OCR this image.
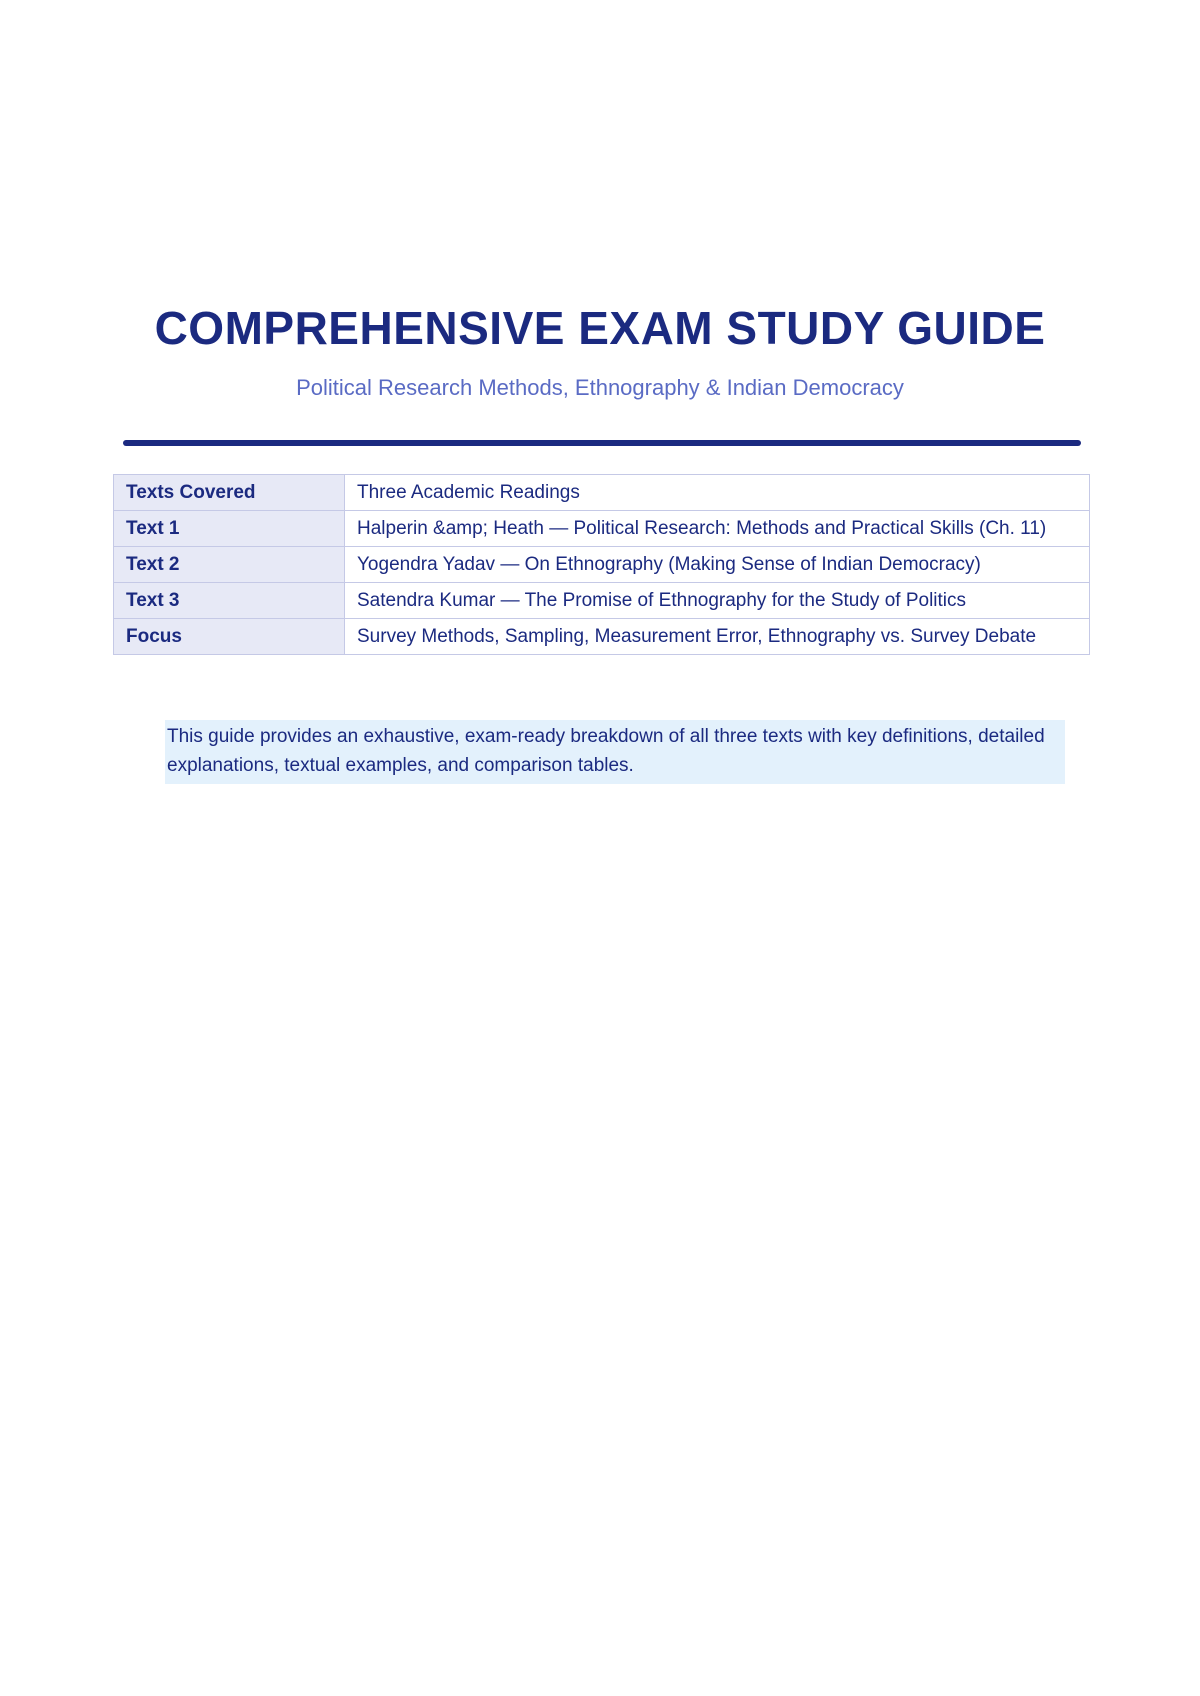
COMPREHENSIVE EXAM STUDY GUIDE
Political Research Methods, Ethnography & Indian Democracy
Texts Covered	Three Academic Readings
Text 1	Halperin &amp; Heath — Political Research: Methods and Practical Skills (Ch. 11)
Text 2	Yogendra Yadav — On Ethnography (Making Sense of Indian Democracy)
Text 3	Satendra Kumar — The Promise of Ethnography for the Study of Politics
Focus	Survey Methods, Sampling, Measurement Error, Ethnography vs. Survey Debate
This guide provides an exhaustive, exam-ready breakdown of all three texts with key definitions, detailed explanations, textual examples, and comparison tables.
